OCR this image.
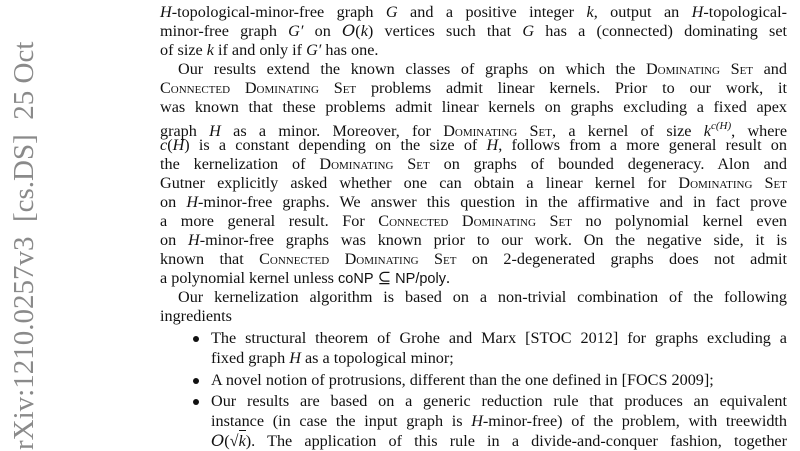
rXiv:1210.0257v3  [cs.DS]  25 Oct
H-topological-minor-free graph G and a positive integer k, output an H-topological-
minor-free graph G′ on O(k) vertices such that G has a (connected) dominating set
of size k if and only if G′ has one.
Our results extend the known classes of graphs on which the Dominating Set and
Connected Dominating Set problems admit linear kernels. Prior to our work, it
was known that these problems admit linear kernels on graphs excluding a fixed apex
graph H as a minor. Moreover, for Dominating Set, a kernel of size $k^{c(H)}$, where
c(H) is a constant depending on the size of H, follows from a more general result on
the kernelization of Dominating Set on graphs of bounded degeneracy. Alon and
Gutner explicitly asked whether one can obtain a linear kernel for Dominating Set
on H-minor-free graphs. We answer this question in the affirmative and in fact prove
a more general result. For Connected Dominating Set no polynomial kernel even
on H-minor-free graphs was known prior to our work. On the negative side, it is
known that Connected Dominating Set on 2-degenerated graphs does not admit
a polynomial kernel unless coNP ⊆ NP/poly.
Our kernelization algorithm is based on a non-trivial combination of the following
ingredients
The structural theorem of Grohe and Marx [STOC 2012] for graphs excluding a
fixed graph H as a topological minor;
A novel notion of protrusions, different than the one defined in [FOCS 2009];
Our results are based on a generic reduction rule that produces an equivalent
instance (in case the input graph is H-minor-free) of the problem, with treewidth
O(√k). The application of this rule in a divide-and-conquer fashion, together
